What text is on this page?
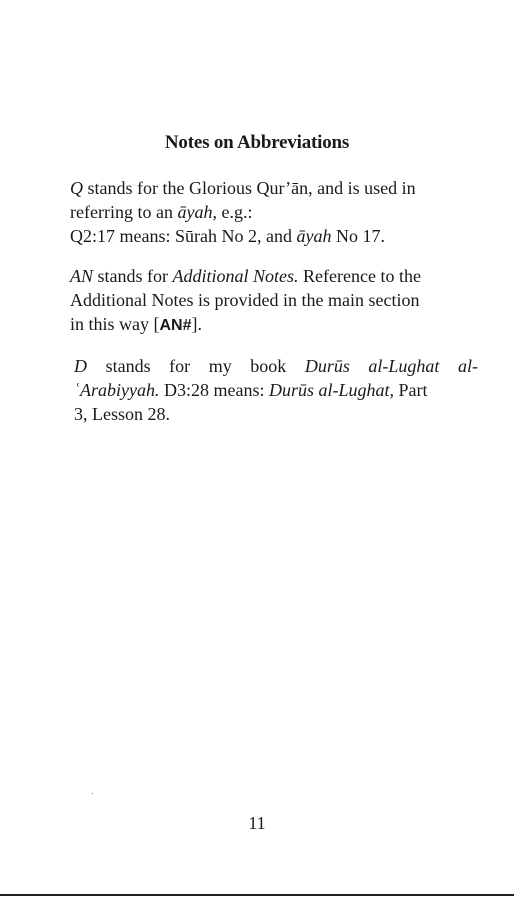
Notes on Abbreviations
Q stands for the Glorious Qur’ān, and is used in
referring to an āyah, e.g.:
Q2:17 means: Sūrah No 2, and āyah No 17.
AN stands for Additional Notes. Reference to the
Additional Notes is provided in the main section
in this way [AN#].
D stands for my book Durūs al-Lughat al-
ʿArabiyyah. D3:28 means: Durūs al-Lughat, Part
3, Lesson 28.
11
